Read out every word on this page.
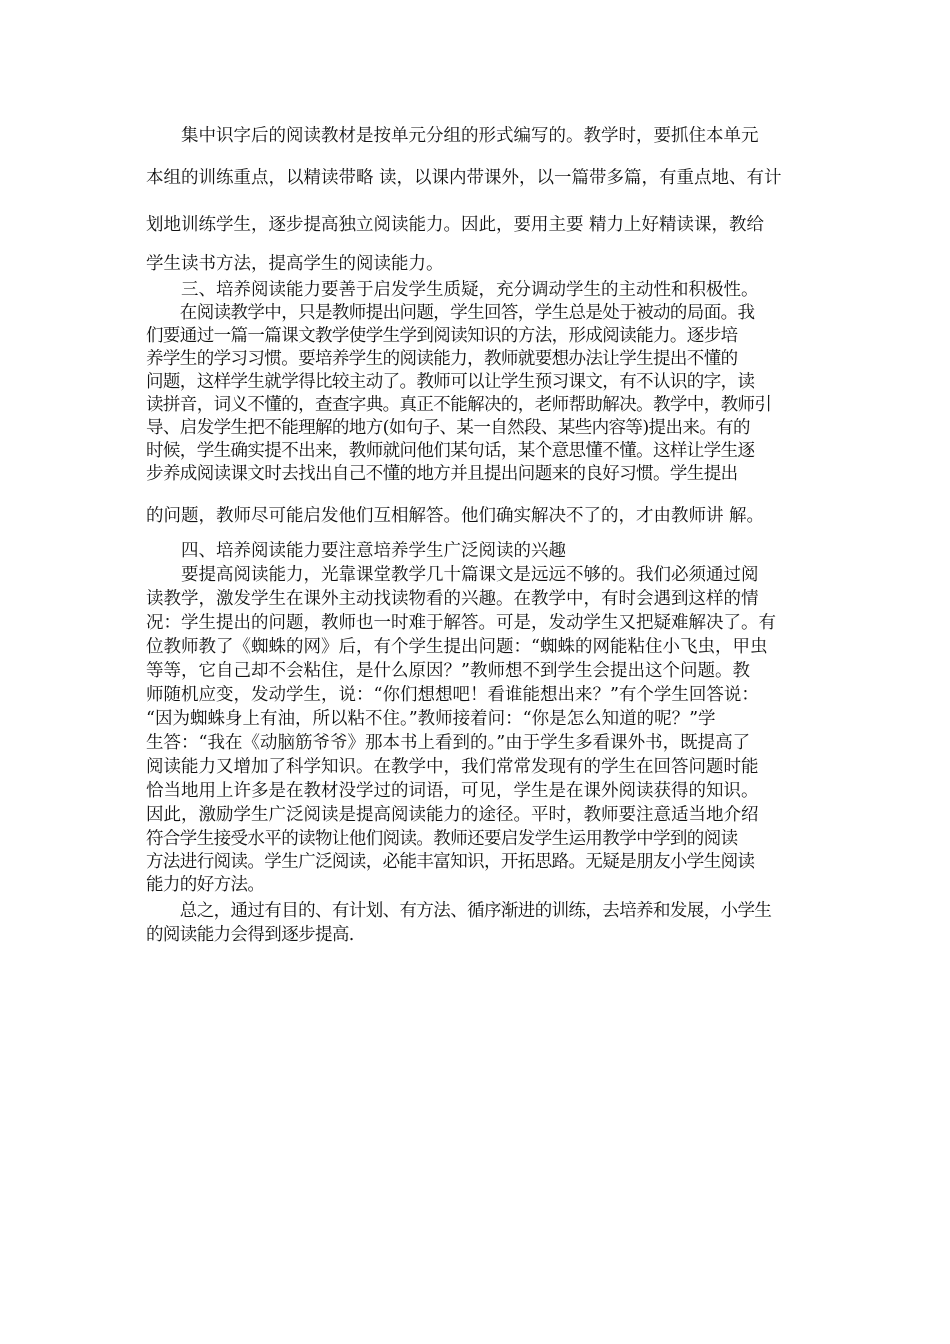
　　集中识字后的阅读教材是按单元分组的形式编写的。教学时，要抓住本单元
本组的训练重点，以精读带略 读，以课内带课外，以一篇带多篇，有重点地、有计
划地训练学生，逐步提高独立阅读能力。因此，要用主要 精力上好精读课，教给
学生读书方法，提高学生的阅读能力。
　　三、培养阅读能力要善于启发学生质疑，充分调动学生的主动性和积极性。
　　在阅读教学中，只是教师提出问题，学生回答，学生总是处于被动的局面。我
们要通过一篇一篇课文教学使学生学到阅读知识的方法，形成阅读能力。逐步培
养学生的学习习惯。要培养学生的阅读能力，教师就要想办法让学生提出不懂的
问题，这样学生就学得比较主动了。教师可以让学生预习课文，有不认识的字，读
读拼音，词义不懂的，查查字典。真正不能解决的，老师帮助解决。教学中，教师引
导、启发学生把不能理解的地方(如句子、某一自然段、某些内容等)提出来。有的
时候，学生确实提不出来，教师就问他们某句话，某个意思懂不懂。这样让学生逐
步养成阅读课文时去找出自己不懂的地方并且提出问题来的良好习惯。学生提出
的问题，教师尽可能启发他们互相解答。他们确实解决不了的，才由教师讲 解。
　　四、培养阅读能力要注意培养学生广泛阅读的兴趣
　　要提高阅读能力，光靠课堂教学几十篇课文是远远不够的。我们必须通过阅
读教学，激发学生在课外主动找读物看的兴趣。在教学中，有时会遇到这样的情
况：学生提出的问题，教师也一时难于解答。可是，发动学生又把疑难解决了。有
位教师教了《蜘蛛的网》后，有个学生提出问题：“蜘蛛的网能粘住小飞虫，甲虫
等等，它自己却不会粘住，是什么原因？”教师想不到学生会提出这个问题。教
师随机应变，发动学生，说：“你们想想吧！看谁能想出来？”有个学生回答说：
“因为蜘蛛身上有油，所以粘不住。”教师接着问：“你是怎么知道的呢？”学
生答：“我在《动脑筋爷爷》那本书上看到的。”由于学生多看课外书，既提高了
阅读能力又增加了科学知识。在教学中，我们常常发现有的学生在回答问题时能
恰当地用上许多是在教材没学过的词语，可见，学生是在课外阅读获得的知识。
因此，激励学生广泛阅读是提高阅读能力的途径。平时，教师要注意适当地介绍
符合学生接受水平的读物让他们阅读。教师还要启发学生运用教学中学到的阅读
方法进行阅读。学生广泛阅读，必能丰富知识，开拓思路。无疑是朋友小学生阅读
能力的好方法。
　　总之，通过有目的、有计划、有方法、循序渐进的训练，去培养和发展，小学生
的阅读能力会得到逐步提高.
